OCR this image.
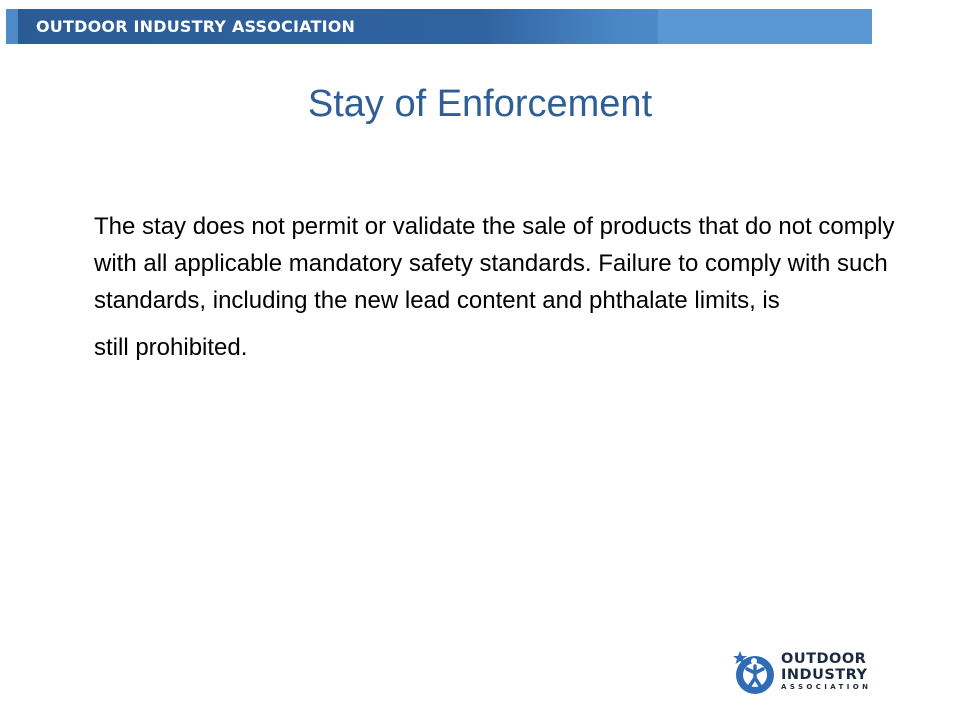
OUTDOOR INDUSTRY ASSOCIATION
Stay of Enforcement
The stay does not permit or validate the sale of products that do not comply with all applicable mandatory safety standards. Failure to comply with such standards, including the new lead content and phthalate limits, is
still prohibited.
OUTDOOR
INDUSTRY
ASSOCIATION
